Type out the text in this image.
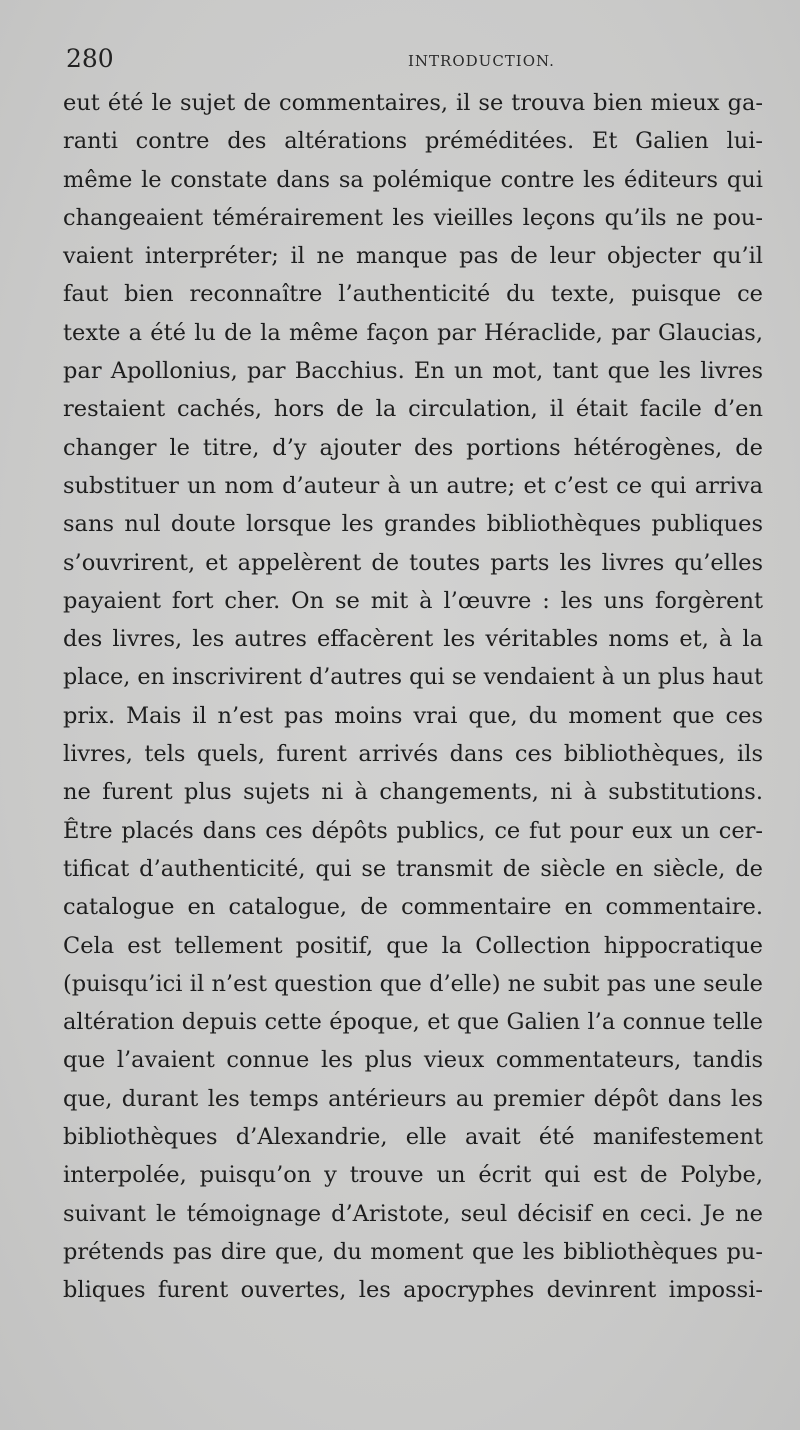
280	INTRODUCTION.
eut été le sujet de commentaires, il se trouva bien mieux ga-
ranti contre des altérations préméditées. Et Galien lui-
même le constate dans sa polémique contre les éditeurs qui
changeaient témérairement les vieilles leçons qu’ils ne pou-
vaient interpréter; il ne manque pas de leur objecter qu’il
faut bien reconnaître l’authenticité du texte, puisque ce
texte a été lu de la même façon par Héraclide, par Glaucias,
par Apollonius, par Bacchius. En un mot, tant que les livres
restaient cachés, hors de la circulation, il était facile d’en
changer le titre, d’y ajouter des portions hétérogènes, de
substituer un nom d’auteur à un autre; et c’est ce qui arriva
sans nul doute lorsque les grandes bibliothèques publiques
s’ouvrirent, et appelèrent de toutes parts les livres qu’elles
payaient fort cher. On se mit à l’œuvre : les uns forgèrent
des livres, les autres effacèrent les véritables noms et, à la
place, en inscrivirent d’autres qui se vendaient à un plus haut
prix. Mais il n’est pas moins vrai que, du moment que ces
livres, tels quels, furent arrivés dans ces bibliothèques, ils
ne furent plus sujets ni à changements, ni à substitutions.
Être placés dans ces dépôts publics, ce fut pour eux un cer-
tificat d’authenticité, qui se transmit de siècle en siècle, de
catalogue en catalogue, de commentaire en commentaire.
Cela est tellement positif, que la Collection hippocratique
(puisqu’ici il n’est question que d’elle) ne subit pas une seule
altération depuis cette époque, et que Galien l’a connue telle
que l’avaient connue les plus vieux commentateurs, tandis
que, durant les temps antérieurs au premier dépôt dans les
bibliothèques d’Alexandrie, elle avait été manifestement
interpolée, puisqu’on y trouve un écrit qui est de Polybe,
suivant le témoignage d’Aristote, seul décisif en ceci. Je ne
prétends pas dire que, du moment que les bibliothèques pu-
bliques furent ouvertes, les apocryphes devinrent impossi-
